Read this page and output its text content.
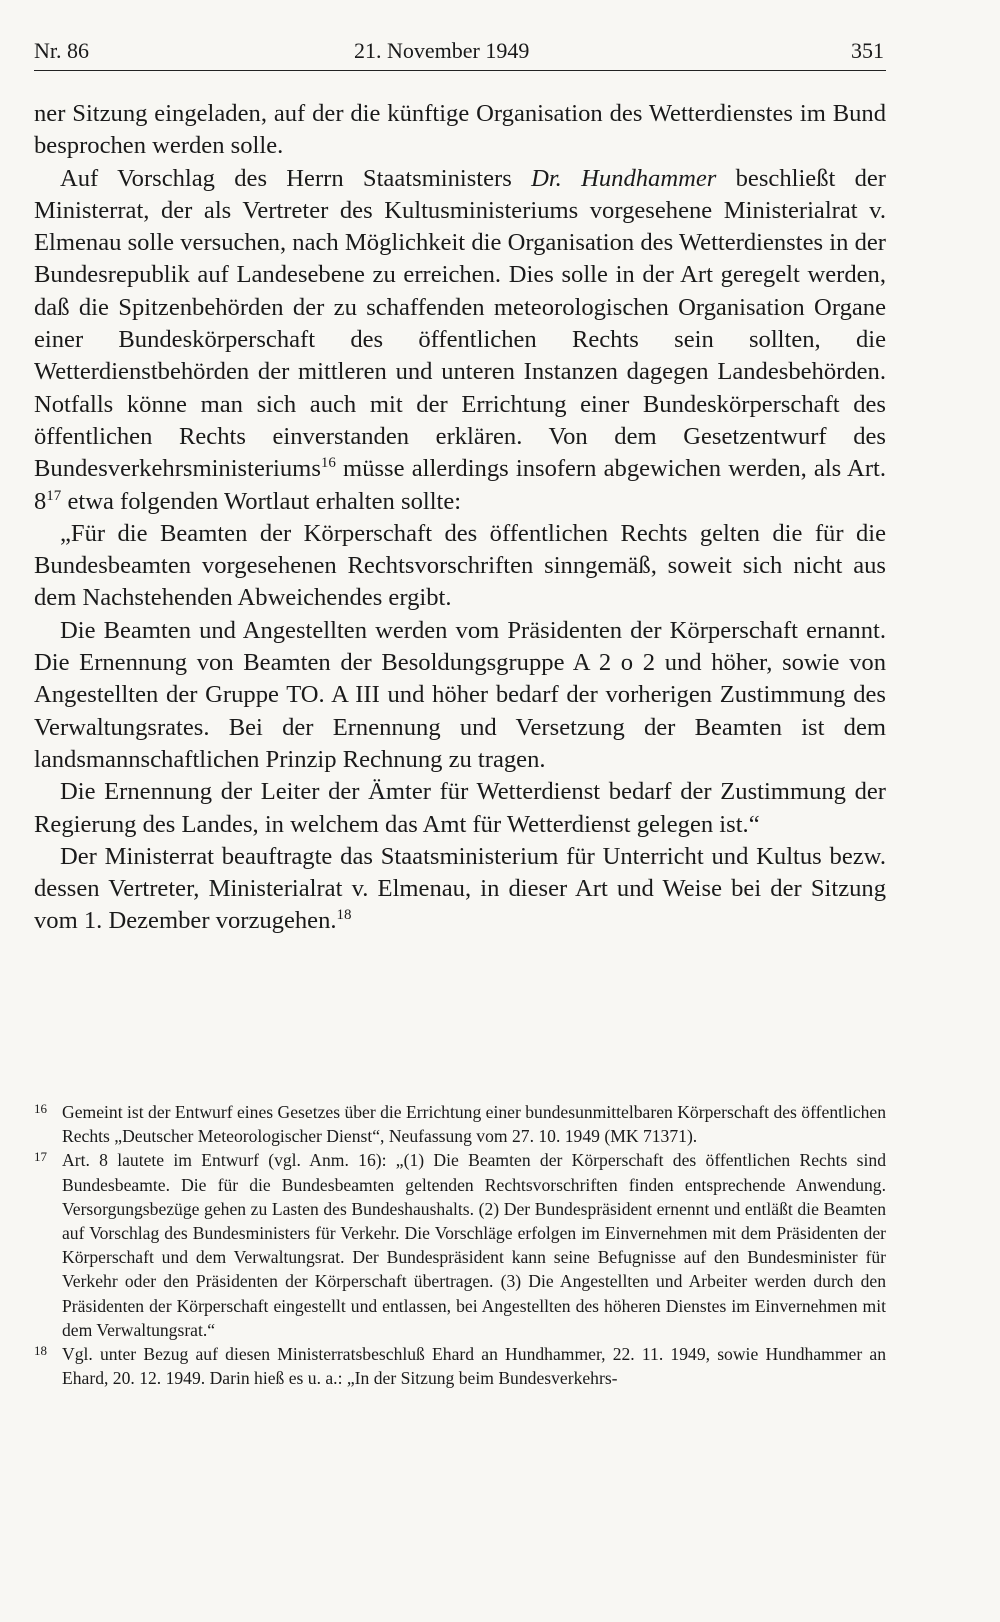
Nr. 86	21. November 1949	351

ner Sitzung eingeladen, auf der die künftige Organisation des Wetterdienstes im Bund besprochen werden solle.

Auf Vorschlag des Herrn Staatsministers Dr. Hundhammer beschließt der Ministerrat, der als Vertreter des Kultusministeriums vorgesehene Ministerialrat v. Elmenau solle versuchen, nach Möglichkeit die Organisation des Wetterdienstes in der Bundesrepublik auf Landesebene zu erreichen. Dies solle in der Art geregelt werden, daß die Spitzenbehörden der zu schaffenden meteorologischen Organisation Organe einer Bundeskörperschaft des öffentlichen Rechts sein sollten, die Wetterdienstbehörden der mittleren und unteren Instanzen dagegen Landesbehörden. Notfalls könne man sich auch mit der Errichtung einer Bundeskörperschaft des öffentlichen Rechts einverstanden erklären. Von dem Gesetzentwurf des Bundesverkehrsministeriums$^{16}$ müsse allerdings insofern abgewichen werden, als Art. $8^{17}$ etwa folgenden Wortlaut erhalten sollte:

„Für die Beamten der Körperschaft des öffentlichen Rechts gelten die für die Bundesbeamten vorgesehenen Rechtsvorschriften sinngemäß, soweit sich nicht aus dem Nachstehenden Abweichendes ergibt.

Die Beamten und Angestellten werden vom Präsidenten der Körperschaft ernannt. Die Ernennung von Beamten der Besoldungsgruppe A 2 o 2 und höher, sowie von Angestellten der Gruppe TO. A III und höher bedarf der vorherigen Zustimmung des Verwaltungsrates. Bei der Ernennung und Versetzung der Beamten ist dem landsmannschaftlichen Prinzip Rechnung zu tragen.

Die Ernennung der Leiter der Ämter für Wetterdienst bedarf der Zustimmung der Regierung des Landes, in welchem das Amt für Wetterdienst gelegen ist.“

Der Ministerrat beauftragte das Staatsministerium für Unterricht und Kultus bezw. dessen Vertreter, Ministerialrat v. Elmenau, in dieser Art und Weise bei der Sitzung vom 1. Dezember vorzugehen.$^{18}$

16 Gemeint ist der Entwurf eines Gesetzes über die Errichtung einer bundesunmittelbaren Körperschaft des öffentlichen Rechts „Deutscher Meteorologischer Dienst“, Neufassung vom 27. 10. 1949 (MK 71371).

17 Art. 8 lautete im Entwurf (vgl. Anm. 16): „(1) Die Beamten der Körperschaft des öffentlichen Rechts sind Bundesbeamte. Die für die Bundesbeamten geltenden Rechtsvorschriften finden entsprechende Anwendung. Versorgungsbezüge gehen zu Lasten des Bundeshaushalts. (2) Der Bundespräsident ernennt und entläßt die Beamten auf Vorschlag des Bundesministers für Verkehr. Die Vorschläge erfolgen im Einvernehmen mit dem Präsidenten der Körperschaft und dem Verwaltungsrat. Der Bundespräsident kann seine Befugnisse auf den Bundesminister für Verkehr oder den Präsidenten der Körperschaft übertragen. (3) Die Angestellten und Arbeiter werden durch den Präsidenten der Körperschaft eingestellt und entlassen, bei Angestellten des höheren Dienstes im Einvernehmen mit dem Verwaltungsrat.“

18 Vgl. unter Bezug auf diesen Ministerratsbeschluß Ehard an Hundhammer, 22. 11. 1949, sowie Hundhammer an Ehard, 20. 12. 1949. Darin hieß es u. a.: „In der Sitzung beim Bundesverkehrs-
